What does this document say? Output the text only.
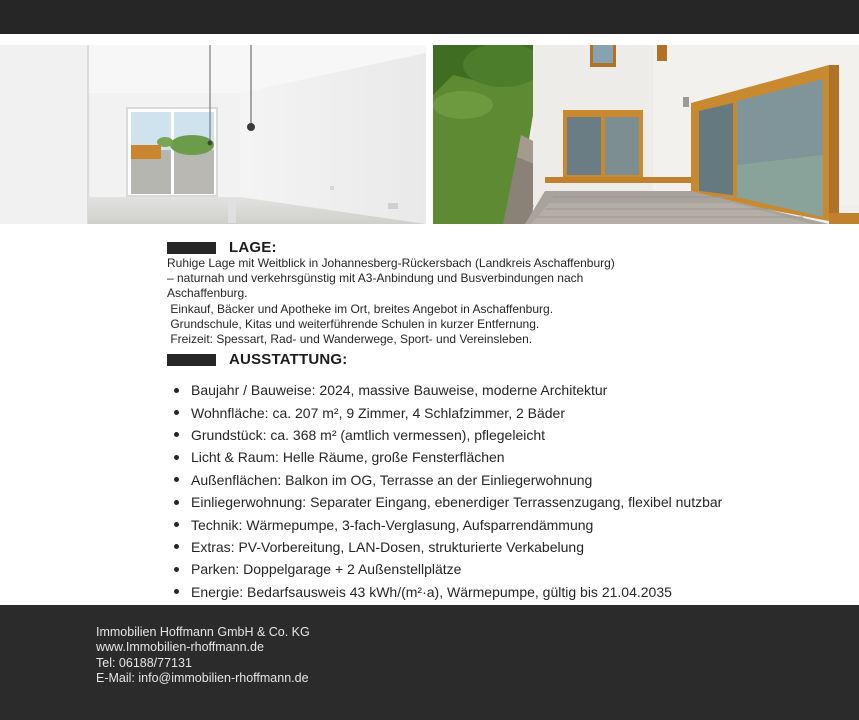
LAGE:

Ruhige Lage mit Weitblick in Johannesberg-Rückersbach (Landkreis Aschaffenburg)

– naturnah und verkehrsgünstig mit A3-Anbindung und Busverbindungen nach

Aschaffenburg.

Einkauf, Bäcker und Apotheke im Ort, breites Angebot in Aschaffenburg.

Grundschule, Kitas und weiterführende Schulen in kurzer Entfernung.

Freizeit: Spessart, Rad- und Wanderwege, Sport- und Vereinsleben.

AUSSTATTUNG:
Baujahr / Bauweise: 2024, massive Bauweise, moderne Architektur
Wohnfläche: ca. 207 m², 9 Zimmer, 4 Schlafzimmer, 2 Bäder
Grundstück: ca. 368 m² (amtlich vermessen), pflegeleicht
Licht & Raum: Helle Räume, große Fensterflächen
Außenflächen: Balkon im OG, Terrasse an der Einliegerwohnung
Einliegerwohnung: Separater Eingang, ebenerdiger Terrassenzugang, flexibel nutzbar
Technik: Wärmepumpe, 3-fach-Verglasung, Aufsparrendämmung
Extras: PV-Vorbereitung, LAN-Dosen, strukturierte Verkabelung
Parken: Doppelgarage + 2 Außenstellplätze
Energie: Bedarfsausweis 43 kWh/(m²·a), Wärmepumpe, gültig bis 21.04.2035
Immobilien Hoffmann GmbH & Co. KG
www.Immobilien-rhoffmann.de
Tel: 06188/77131
E-Mail: info@immobilien-rhoffmann.de
